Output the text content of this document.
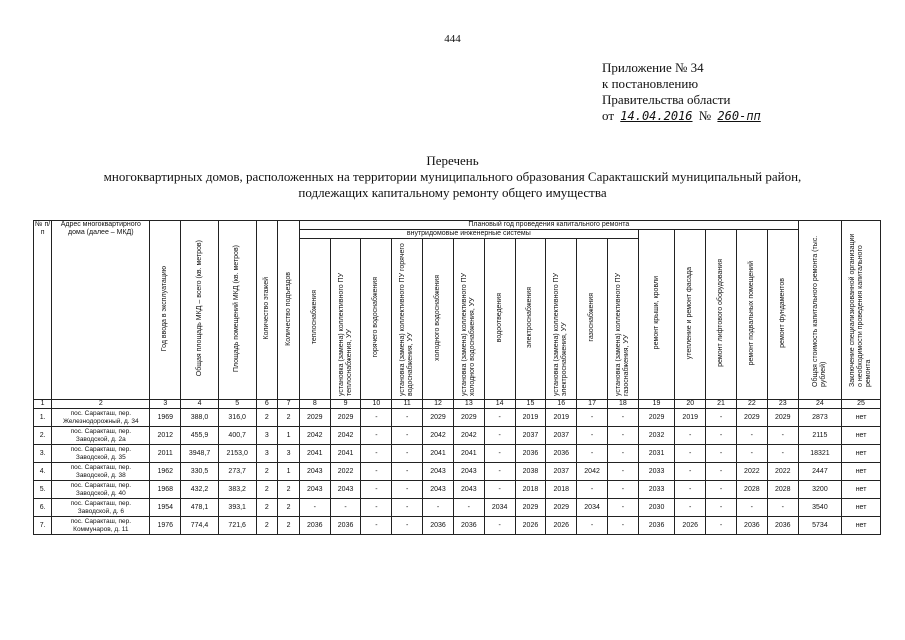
444
Приложение № 34
к постановлению
Правительства области
от 14.04.2016 № 260-пп
Перечень
многоквартирных домов, расположенных на территории муниципального образования Саракташский муниципальный район,
подлежащих капитальному ремонту общего имущества
№ п/п	Адрес многоквартирного дома (далее – МКД)	Год ввода в эксплуатацию	Общая площадь МКД – всего (кв. метров)	Площадь помещений МКД (кв. метров)	Количество этажей	Количество подъездов	Плановый год проведения капитального ремонта																Общая стоимость капитального ремонта (тыс. рублей)	Заключение специализированной организации о необходимости проведения капитального ремонта
							внутридомовые инженерные системы											ремонт крыши, кровли	утепление и ремонт фасада	ремонт лифтового оборудования	ремонт подвальных помещений	ремонт фундаментов		
							теплоснабжения	установка (замена) коллективного ПУ теплоснабжения, УУ	горячего водоснабжения	установка (замена) коллективного ПУ горячего водоснабжения, УУ	холодного водоснабжения	установка (замена) коллективного ПУ холодного водоснабжения, УУ	водоотведения	электроснабжения	установка (замена) коллективного ПУ электроснабжения, УУ	газоснабжения	установка (замена) коллективного ПУ газоснабжения, УУ							
1	2	3	4	5	6	7	8	9	10	11	12	13	14	15	16	17	18	19	20	21	22	23	24	25
1.	пос. Саракташ, пер. Железнодорожный, д. 34	1969	388,0	316,0	2	2	2029	2029	-	-	2029	2029	-	2019	2019	-	-	2029	2019	-	2029	2029	2873	нет
2.	пос. Саракташ, пер. Заводской, д. 2а	2012	455,9	400,7	3	1	2042	2042	-	-	2042	2042	-	2037	2037	-	-	2032	-	-	-	-	2115	нет
3.	пос. Саракташ, пер. Заводской, д. 35	2011	3948,7	2153,0	3	3	2041	2041	-	-	2041	2041	-	2036	2036	-	-	2031	-	-	-	-	18321	нет
4.	пос. Саракташ, пер. Заводской, д. 38	1962	330,5	273,7	2	1	2043	2022	-	-	2043	2043	-	2038	2037	2042	-	2033	-	-	2022	2022	2447	нет
5.	пос. Саракташ, пер. Заводской, д. 40	1968	432,2	383,2	2	2	2043	2043	-	-	2043	2043	-	2018	2018	-	-	2033	-	-	2028	2028	3200	нет
6.	пос. Саракташ, пер. Заводской, д. 6	1954	478,1	393,1	2	2	-	-	-	-	-	-	2034	2029	2029	2034	-	2030	-	-	-	-	3540	нет
7.	пос. Саракташ, пер. Коммунаров, д. 11	1976	774,4	721,6	2	2	2036	2036	-	-	2036	2036	-	2026	2026	-	-	2036	2026	-	2036	2036	5734	нет
